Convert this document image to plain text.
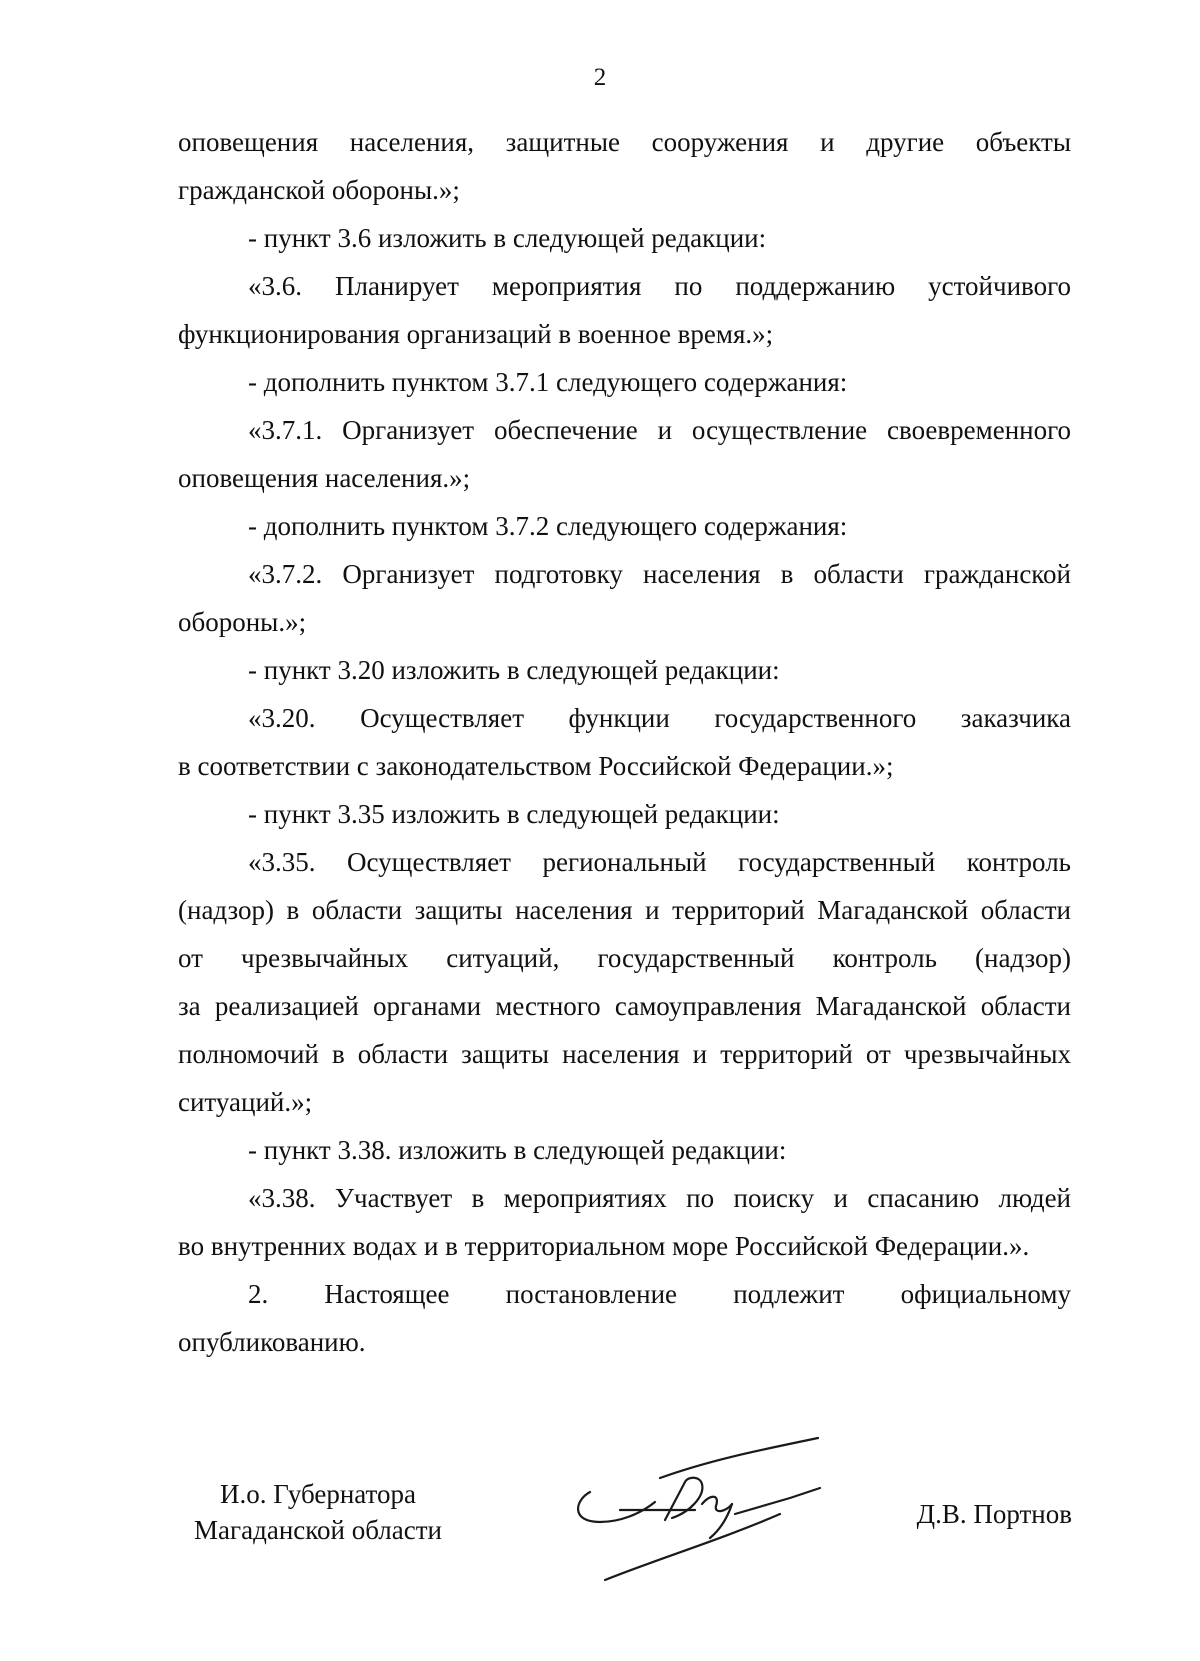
2
оповещения населения, защитные сооружения и другие объекты
гражданской обороны.»;
- пункт 3.6 изложить в следующей редакции:
«3.6. Планирует мероприятия по поддержанию устойчивого
функционирования организаций в военное время.»;
- дополнить пунктом 3.7.1 следующего содержания:
«3.7.1. Организует обеспечение и осуществление своевременного
оповещения населения.»;
- дополнить пунктом 3.7.2 следующего содержания:
«3.7.2. Организует подготовку населения в области гражданской
обороны.»;
- пункт 3.20 изложить в следующей редакции:
«3.20. Осуществляет функции государственного заказчика
в соответствии с законодательством Российской Федерации.»;
- пункт 3.35 изложить в следующей редакции:
«3.35. Осуществляет региональный государственный контроль
(надзор) в области защиты населения и территорий Магаданской области
от чрезвычайных ситуаций, государственный контроль (надзор)
за реализацией органами местного самоуправления Магаданской области
полномочий в области защиты населения и территорий от чрезвычайных
ситуаций.»;
- пункт 3.38. изложить в следующей редакции:
«3.38. Участвует в мероприятиях по поиску и спасанию людей
во внутренних водах и в территориальном море Российской Федерации.».
2. Настоящее постановление подлежит официальному
опубликованию.
И.о. Губернатора
Магаданской области
Д.В. Портнов
